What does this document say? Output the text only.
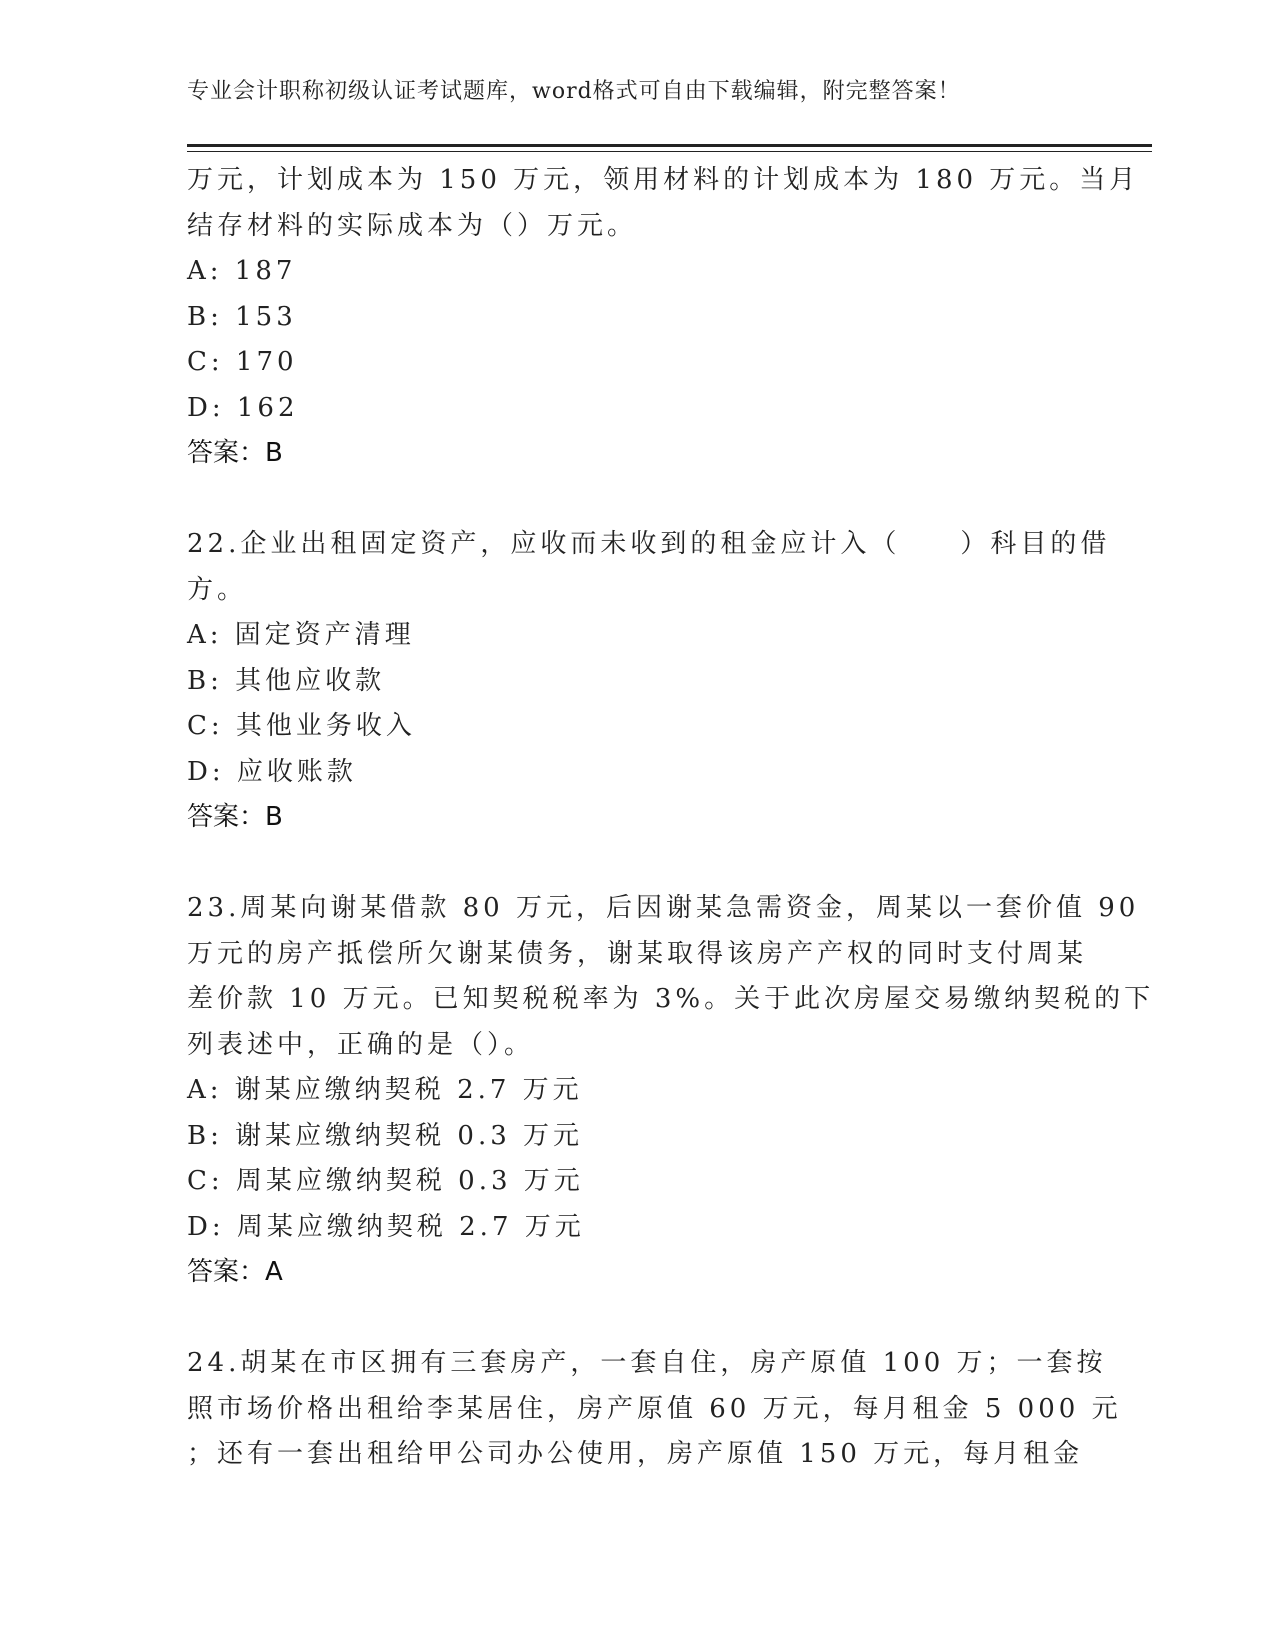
专业会计职称初级认证考试题库，word格式可自由下载编辑，附完整答案！
万元，计划成本为 150 万元，领用材料的计划成本为 180 万元。当月
结存材料的实际成本为（）万元。
A: 187
B: 153
C: 170
D: 162
答案：B
22.企业出租固定资产，应收而未收到的租金应计入（　　）科目的借
方。
A: 固定资产清理
B: 其他应收款
C: 其他业务收入
D: 应收账款
答案：B
23.周某向谢某借款 80 万元，后因谢某急需资金，周某以一套价值 90
万元的房产抵偿所欠谢某债务，谢某取得该房产产权的同时支付周某
差价款 10 万元。已知契税税率为 3%。关于此次房屋交易缴纳契税的下
列表述中，正确的是（）。
A: 谢某应缴纳契税 2.7 万元
B: 谢某应缴纳契税 0.3 万元
C: 周某应缴纳契税 0.3 万元
D: 周某应缴纳契税 2.7 万元
答案：A
24.胡某在市区拥有三套房产，一套自住，房产原值 100 万；一套按
照市场价格出租给李某居住，房产原值 60 万元，每月租金 5 000 元
；还有一套出租给甲公司办公使用，房产原值 150 万元，每月租金
